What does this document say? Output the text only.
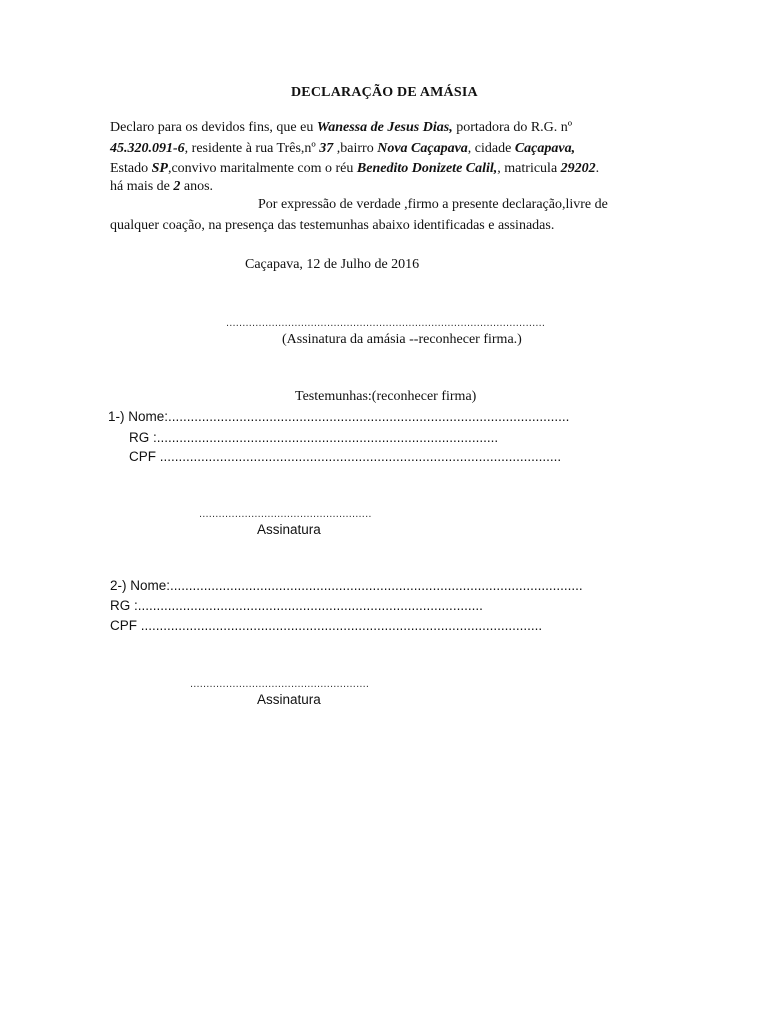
DECLARAÇÃO DE AMÁSIA
Declaro para os devidos fins, que eu Wanessa de Jesus Dias, portadora do R.G. nº
45.320.091-6, residente à rua Três,nº 37 ,bairro Nova Caçapava, cidade Caçapava,
Estado SP,convivo maritalmente com o réu Benedito Donizete Calil,, matricula 29202.
há mais de 2 anos.
Por expressão de verdade ,firmo a presente declaração,livre de
qualquer coação, na presença das testemunhas abaixo identificadas e assinadas.
Caçapava, 12 de Julho de 2016
..................................................................................................
(Assinatura da amásia --reconhecer firma.)
Testemunhas:(reconhecer firma)
1-) Nome:...........................................................................................................
RG :...........................................................................................
CPF ...........................................................................................................
.....................................................
Assinatura
2-) Nome:..............................................................................................................
RG :............................................................................................
CPF ...........................................................................................................
.......................................................
Assinatura
